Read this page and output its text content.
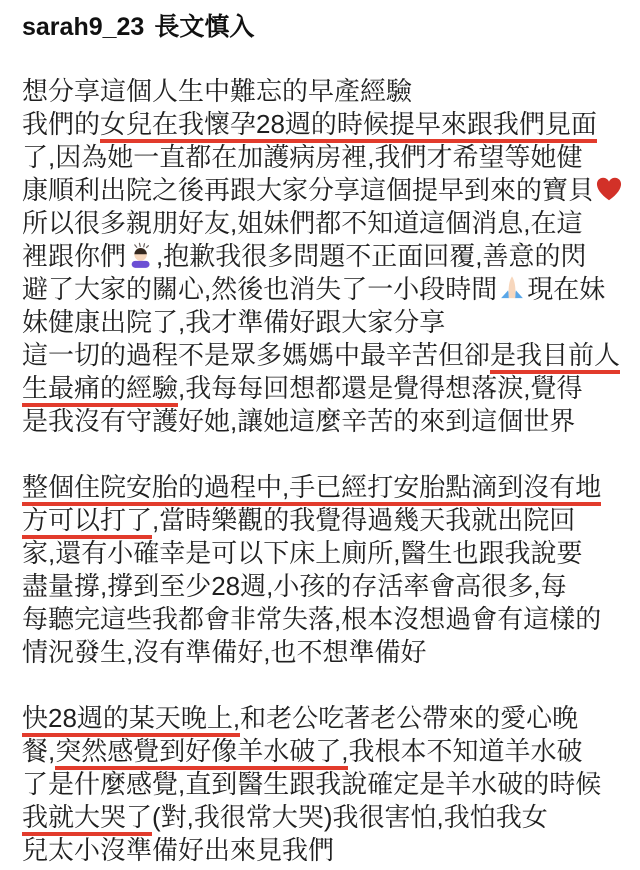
sarah9_23 長文慎入
想分享這個人生中難忘的早產經驗
我們的女兒在我懷孕28週的時候提早來跟我們見面
了,因為她一直都在加護病房裡,我們才希望等她健
康順利出院之後再跟大家分享這個提早到來的寶貝
所以很多親朋好友,姐妹們都不知道這個消息,在這
裡跟你們 ,抱歉我很多問題不正面回覆,善意的閃
避了大家的關心,然後也消失了一小段時間 現在妹
妹健康出院了,我才準備好跟大家分享
這一切的過程不是眾多媽媽中最辛苦但卻是我目前人
生最痛的經驗,我每每回想都還是覺得想落淚,覺得
是我沒有守護好她,讓她這麼辛苦的來到這個世界
整個住院安胎的過程中,手已經打安胎點滴到沒有地
方可以打了,當時樂觀的我覺得過幾天我就出院回
家,還有小確幸是可以下床上廁所,醫生也跟我說要
盡量撐,撐到至少28週,小孩的存活率會高很多,每
每聽完這些我都會非常失落,根本沒想過會有這樣的
情況發生,沒有準備好,也不想準備好
快28週的某天晚上,和老公吃著老公帶來的愛心晚
餐,突然感覺到好像羊水破了,我根本不知道羊水破
了是什麼感覺,直到醫生跟我說確定是羊水破的時候
我就大哭了(對,我很常大哭)我很害怕,我怕我女
兒太小沒準備好出來見我們
